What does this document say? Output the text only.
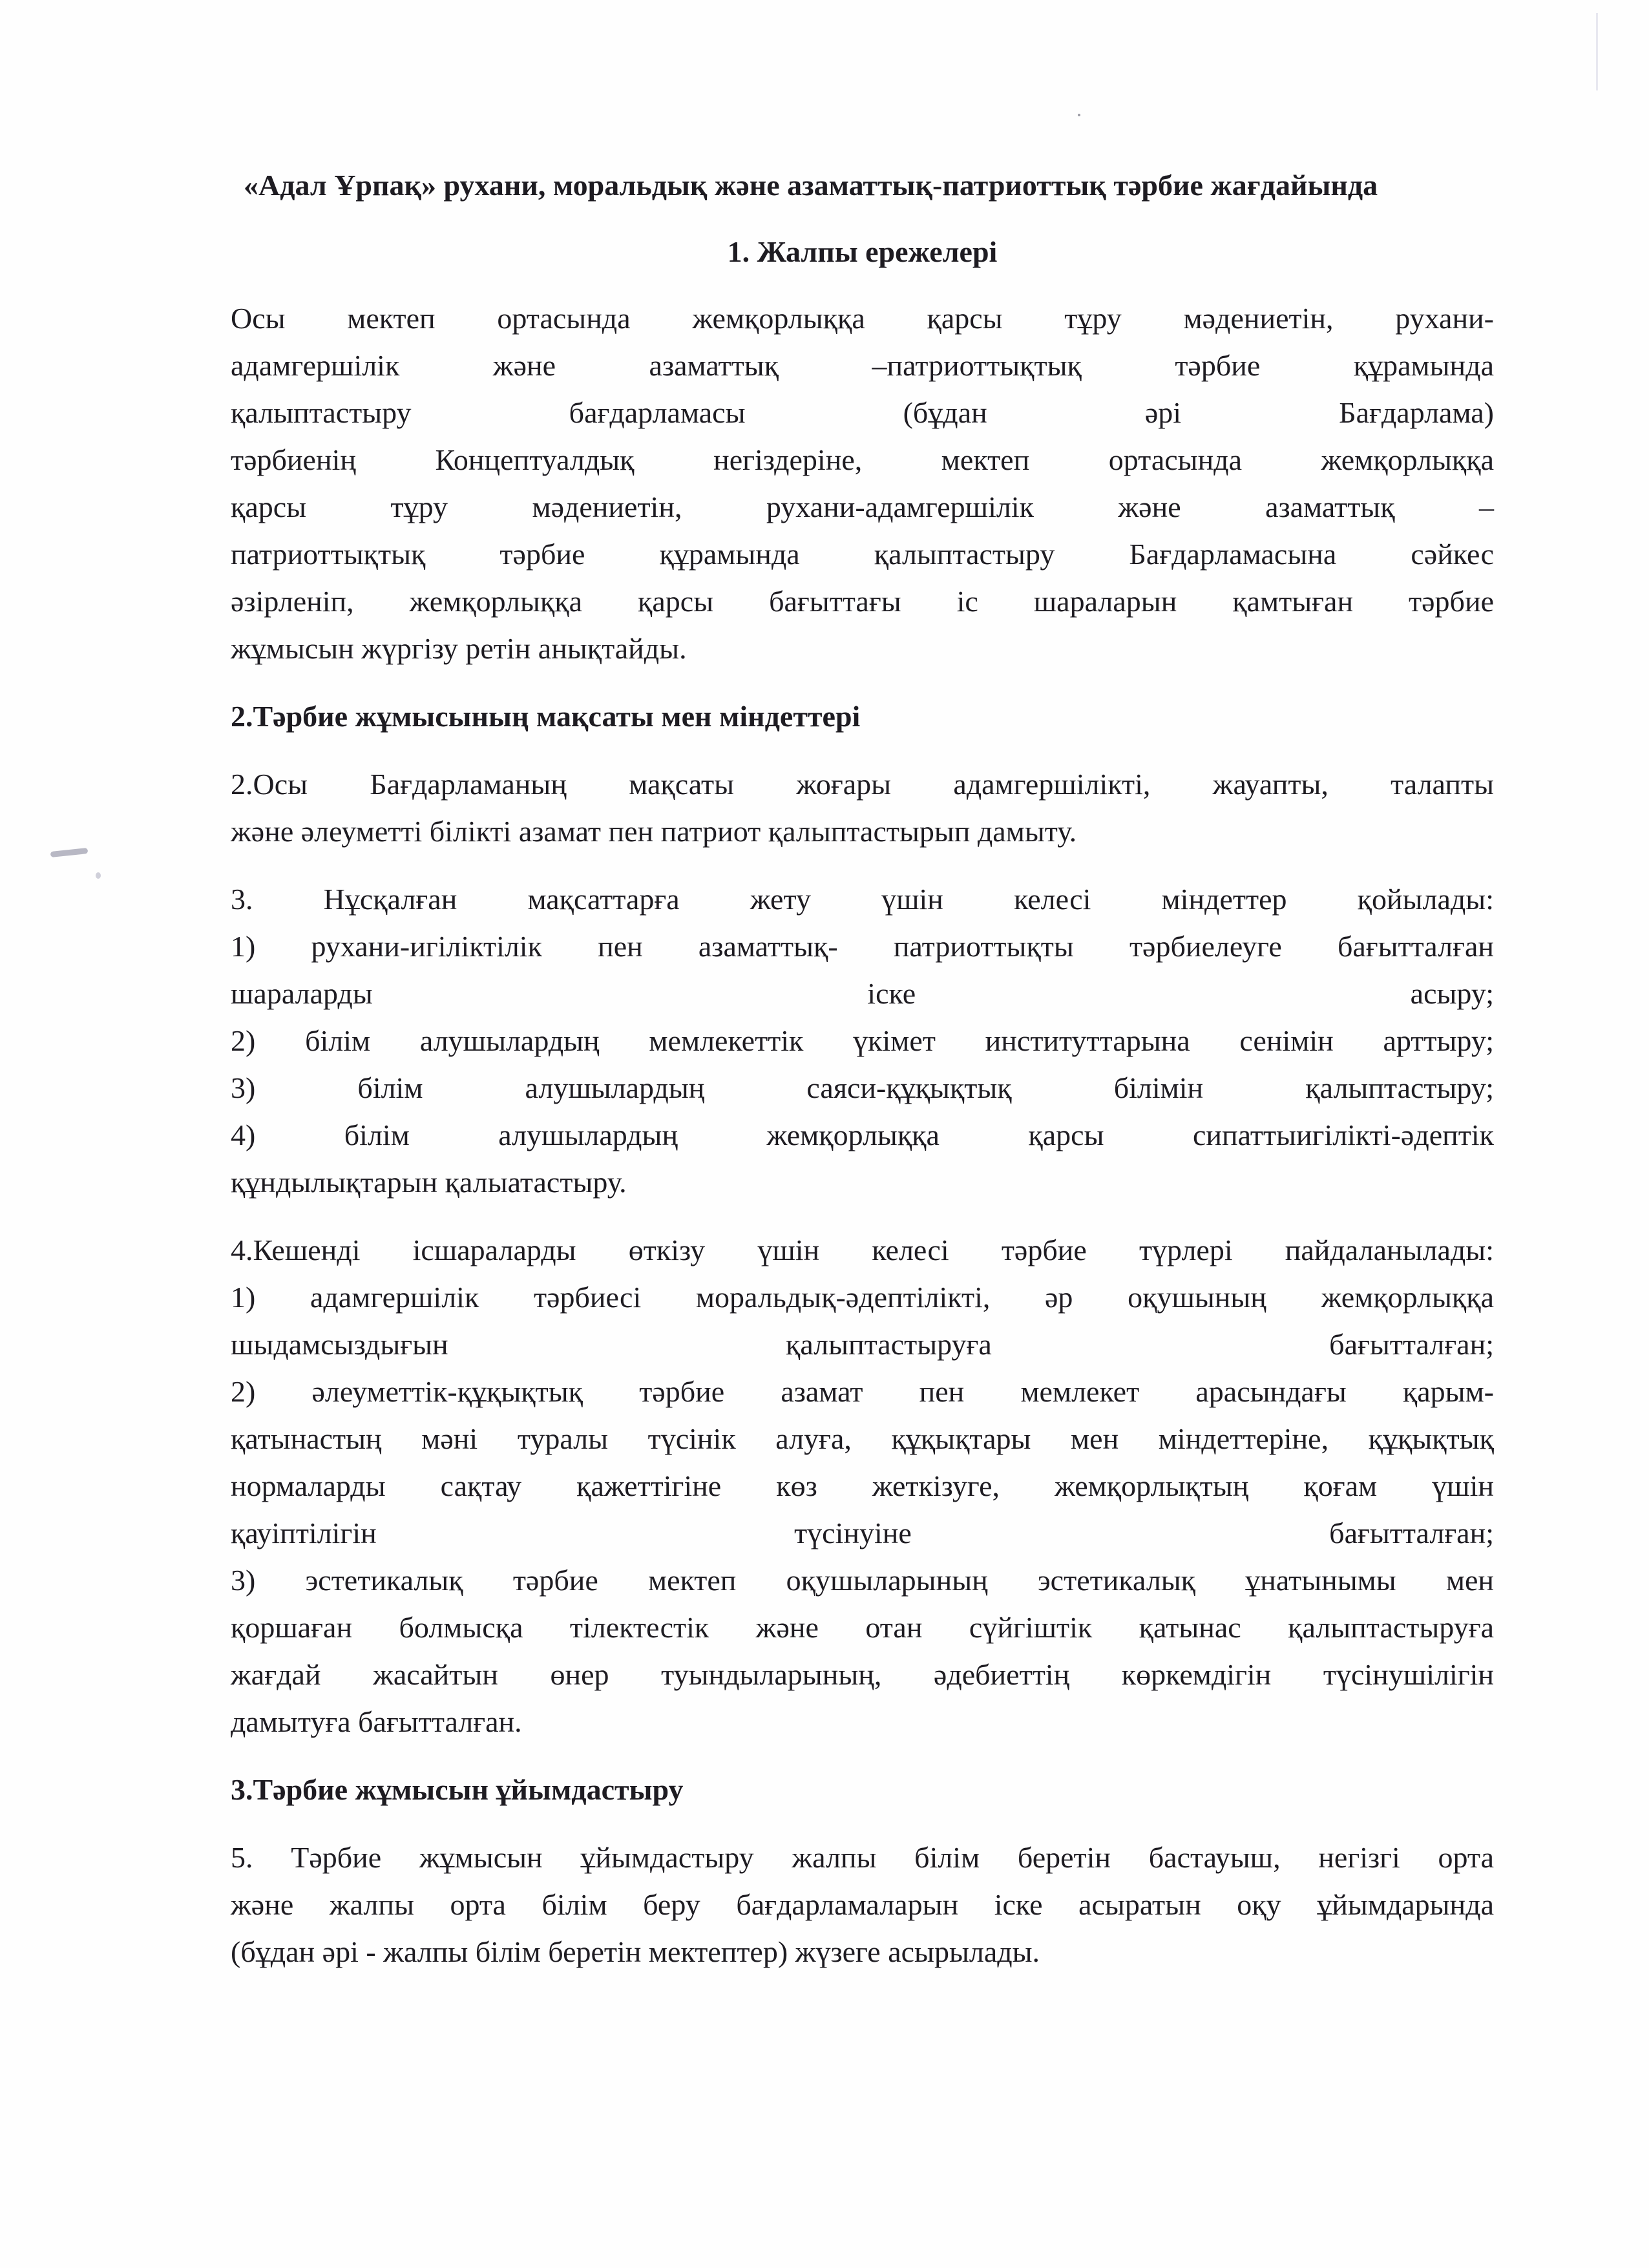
«Адал Ұрпақ» рухани, моральдық және азаматтық-патриоттық тәрбие жағдайында
1. Жалпы ережелері
Осы мектеп ортасында жемқорлыққа қарсы тұру мәдениетін, рухани-
адамгершілік және азаматтық –патриоттықтық тәрбие құрамында
қалыптастыру бағдарламасы (бұдан әрі Бағдарлама)
тәрбиенің Концептуалдық негіздеріне, мектеп ортасында жемқорлыққа
қарсы тұру мәдениетін, рухани-адамгершілік және азаматтық –
патриоттықтық тәрбие құрамында қалыптастыру Бағдарламасына сәйкес
әзірленіп, жемқорлыққа қарсы бағыттағы іс шараларын қамтыған тәрбие
жұмысын жүргізу ретін анықтайды.
2.Тәрбие жұмысының мақсаты мен міндеттері
2.Осы Бағдарламаның мақсаты жоғары адамгершілікті, жауапты, талапты
және әлеуметті білікті азамат пен патриот қалыптастырып дамыту.
3. Нұсқалған мақсаттарға жету үшін келесі міндеттер қойылады:
1) рухани-игіліктілік пен азаматтық- патриоттықты тәрбиелеуге бағытталған
шараларды іске асыру;
2) білім алушылардың мемлекеттік үкімет институттарына сенімін арттыру;
3) білім алушылардың саяси-құқықтық білімін қалыптастыру;
4) білім алушылардың жемқорлыққа қарсы сипаттыигілікті-әдептік
құндылықтарын қалыатастыру.
4.Кешенді ісшараларды өткізу үшін келесі тәрбие түрлері пайдаланылады:
1) адамгершілік тәрбиесі моральдық-әдептілікті, әр оқушының жемқорлыққа
шыдамсыздығын қалыптастыруға бағытталған;
2) әлеуметтік-құқықтық тәрбие азамат пен мемлекет арасындағы қарым-
қатынастың мәні туралы түсінік алуға, құқықтары мен міндеттеріне, құқықтық
нормаларды сақтау қажеттігіне көз жеткізуге, жемқорлықтың қоғам үшін
қауіптілігін түсінуіне бағытталған;
3) эстетикалық тәрбие мектеп оқушыларының эстетикалық ұнатынымы мен
қоршаған болмысқа тілектестік және отан сүйгіштік қатынас қалыптастыруға
жағдай жасайтын өнер туындыларының, әдебиеттің көркемдігін түсінушілігін
дамытуға бағытталған.
3.Тәрбие жұмысын ұйымдастыру
5. Тәрбие жұмысын ұйымдастыру жалпы білім беретін бастауыш, негізгі орта
және жалпы орта білім беру бағдарламаларын іске асыратын оқу ұйымдарында
(бұдан әрі - жалпы білім беретін мектептер) жүзеге асырылады.
